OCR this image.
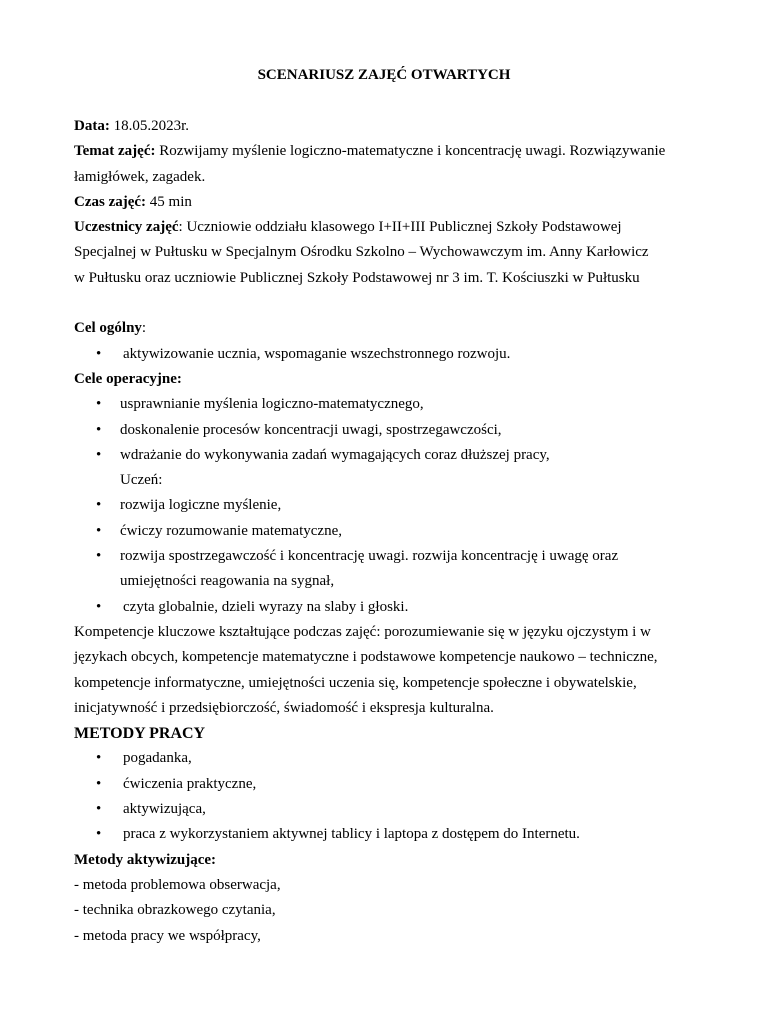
SCENARIUSZ ZAJĘĆ OTWARTYCH
Data: 18.05.2023r.
Temat zajęć: Rozwijamy myślenie logiczno-matematyczne i koncentrację uwagi. Rozwiązywanie
łamigłówek, zagadek.
Czas zajęć: 45 min
Uczestnicy zajęć: Uczniowie oddziału klasowego I+II+III Publicznej Szkoły Podstawowej
Specjalnej w Pułtusku w Specjalnym Ośrodku Szkolno – Wychowawczym im. Anny Karłowicz
w Pułtusku oraz uczniowie Publicznej Szkoły Podstawowej nr 3 im. T. Kościuszki w Pułtusku
Cel ogólny:
• aktywizowanie ucznia, wspomaganie wszechstronnego rozwoju.
Cele operacyjne:
• usprawnianie myślenia logiczno-matematycznego,
• doskonalenie procesów koncentracji uwagi, spostrzegawczości,
• wdrażanie do wykonywania zadań wymagających coraz dłuższej pracy,
Uczeń:
• rozwija logiczne myślenie,
• ćwiczy rozumowanie matematyczne,
• rozwija spostrzegawczość i koncentrację uwagi. rozwija koncentrację i uwagę oraz
umiejętności reagowania na sygnał,
• czyta globalnie, dzieli wyrazy na slaby i głoski.
Kompetencje kluczowe kształtujące podczas zajęć: porozumiewanie się w języku ojczystym i w
językach obcych, kompetencje matematyczne i podstawowe kompetencje naukowo – techniczne,
kompetencje informatyczne, umiejętności uczenia się, kompetencje społeczne i obywatelskie,
inicjatywność i przedsiębiorczość, świadomość i ekspresja kulturalna.
METODY PRACY
• pogadanka,
• ćwiczenia praktyczne,
• aktywizująca,
• praca z wykorzystaniem aktywnej tablicy i laptopa z dostępem do Internetu.
Metody aktywizujące:
- metoda problemowa obserwacja,
- technika obrazkowego czytania,
- metoda pracy we współpracy,
